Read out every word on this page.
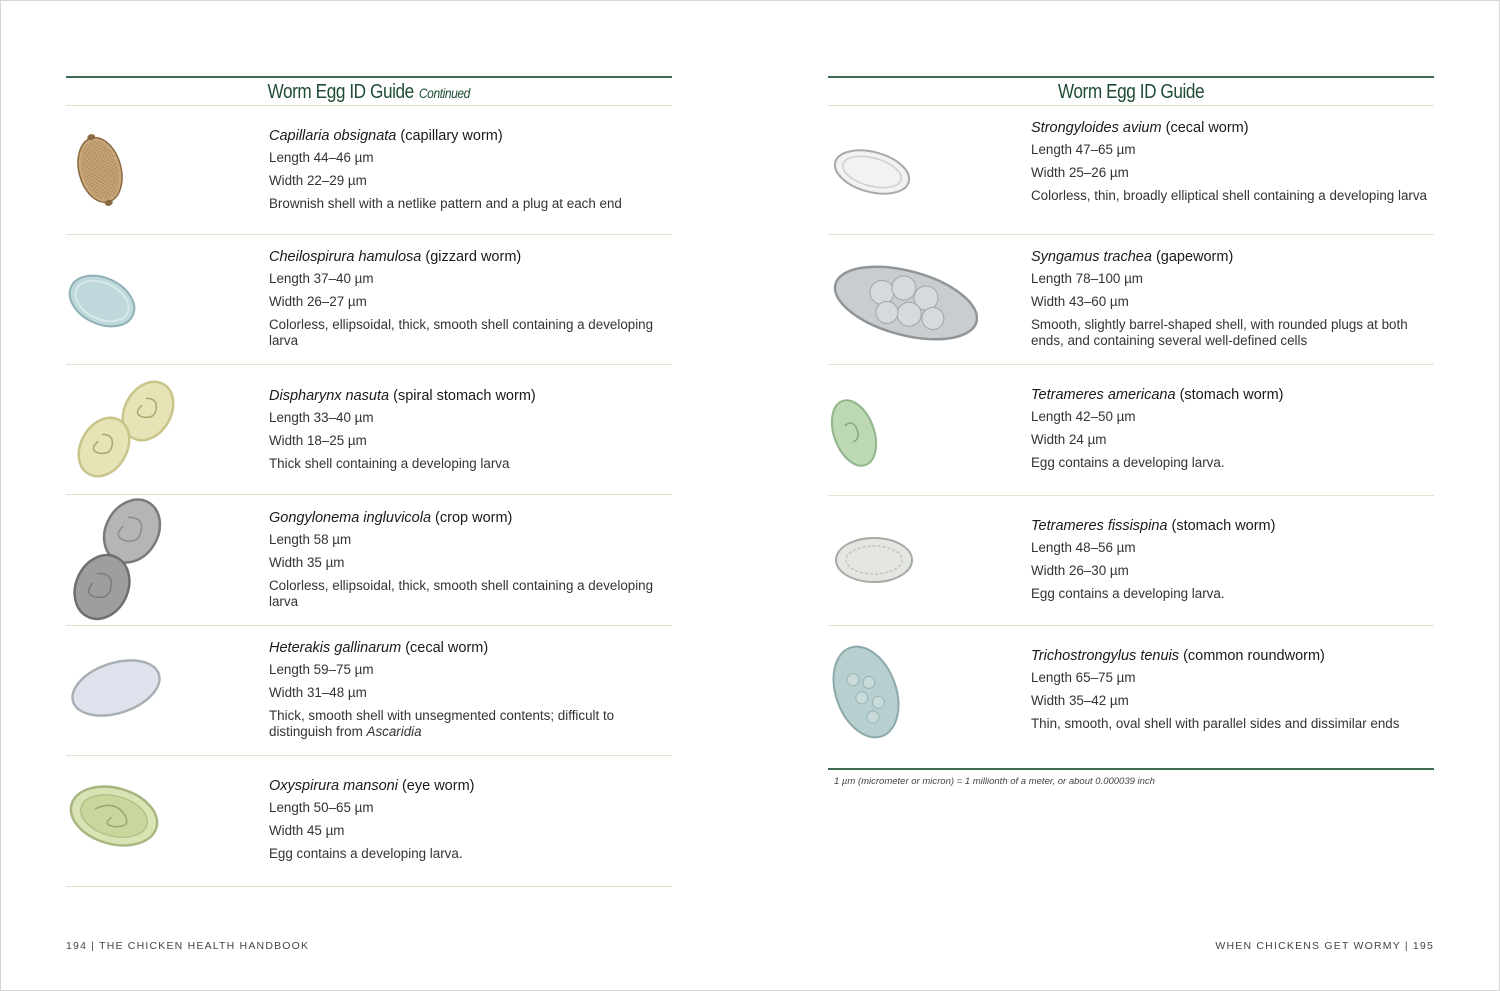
Worm Egg ID Guide Continued
Capillaria obsignata (capillary worm)
Length 44–46 µm
Width 22–29 µm
Brownish shell with a netlike pattern and a plug at each end
Cheilospirura hamulosa (gizzard worm)
Length 37–40 µm
Width 26–27 µm
Colorless, ellipsoidal, thick, smooth shell containing a developing larva
Dispharynx nasuta (spiral stomach worm)
Length 33–40 µm
Width 18–25 µm
Thick shell containing a developing larva
Gongylonema ingluvicola (crop worm)
Length 58 µm
Width 35 µm
Colorless, ellipsoidal, thick, smooth shell containing a developing larva
Heterakis gallinarum (cecal worm)
Length 59–75 µm
Width 31–48 µm
Thick, smooth shell with unsegmented contents; difficult to distinguish from Ascaridia
Oxyspirura mansoni (eye worm)
Length 50–65 µm
Width 45 µm
Egg contains a developing larva.
Worm Egg ID Guide
Strongyloides avium (cecal worm)
Length 47–65 µm
Width 25–26 µm
Colorless, thin, broadly elliptical shell containing a developing larva
Syngamus trachea (gapeworm)
Length 78–100 µm
Width 43–60 µm
Smooth, slightly barrel-shaped shell, with rounded plugs at both ends, and containing several well-defined cells
Tetrameres americana (stomach worm)
Length 42–50 µm
Width 24 µm
Egg contains a developing larva.
Tetrameres fissispina (stomach worm)
Length 48–56 µm
Width 26–30 µm
Egg contains a developing larva.
Trichostrongylus tenuis (common roundworm)
Length 65–75 µm
Width 35–42 µm
Thin, smooth, oval shell with parallel sides and dissimilar ends
1 µm (micrometer or micron) = 1 millionth of a meter, or about 0.000039 inch
194 | THE CHICKEN HEALTH HANDBOOK	WHEN CHICKENS GET WORMY | 195
